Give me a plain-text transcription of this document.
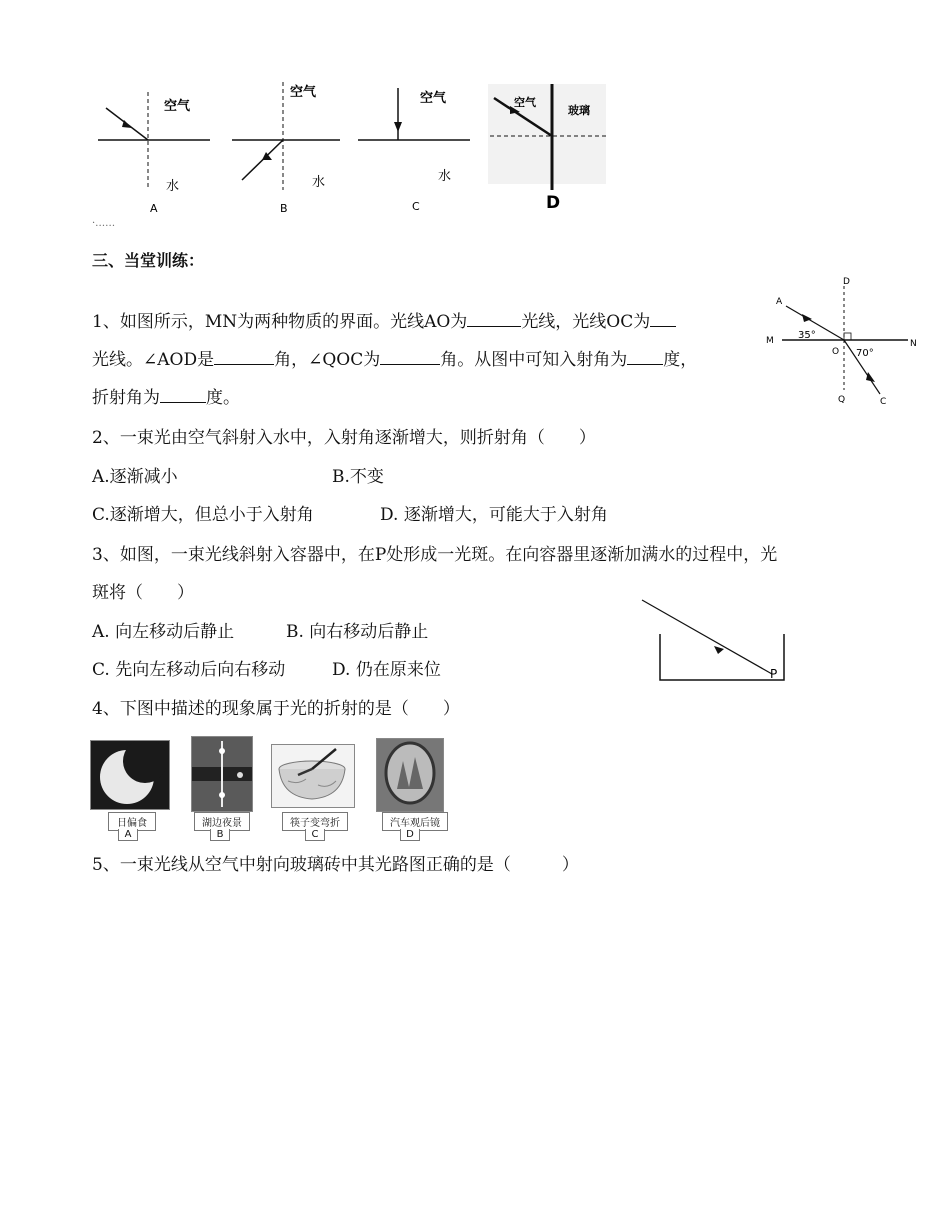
空气
水
A
空气
水
B
空气
水
C
空气
玻璃
D
·……
三、当堂训练：
1、如图所示，MN为两种物质的界面。光线AO为	光线，光线OC为
光线。∠AOD是	角，∠QOC为	角。从图中可知入射角为 度，
折射角为	度。
D
A
M	N
O
Q	C
35°
70°
2、一束光由空气斜射入水中，入射角逐渐增大，则折射角（　　）
A.逐渐减小	B.不变
C.逐渐增大，但总小于入射角	D. 逐渐增大，可能大于入射角
3、如图，一束光线斜射入容器中，在P处形成一光斑。在向容器里逐渐加满水的过程中，光
斑将（　　）
A. 向左移动后静止	B. 向右移动后静止
C. 先向左移动后向右移动	D. 仍在原来位	P
4、下图中描述的现象属于光的折射的是（　　）
日偏食
A
湖边夜景
B
筷子变弯折
C
汽车观后镜
D
5、一束光线从空气中射向玻璃砖中其光路图正确的是（　　　）
